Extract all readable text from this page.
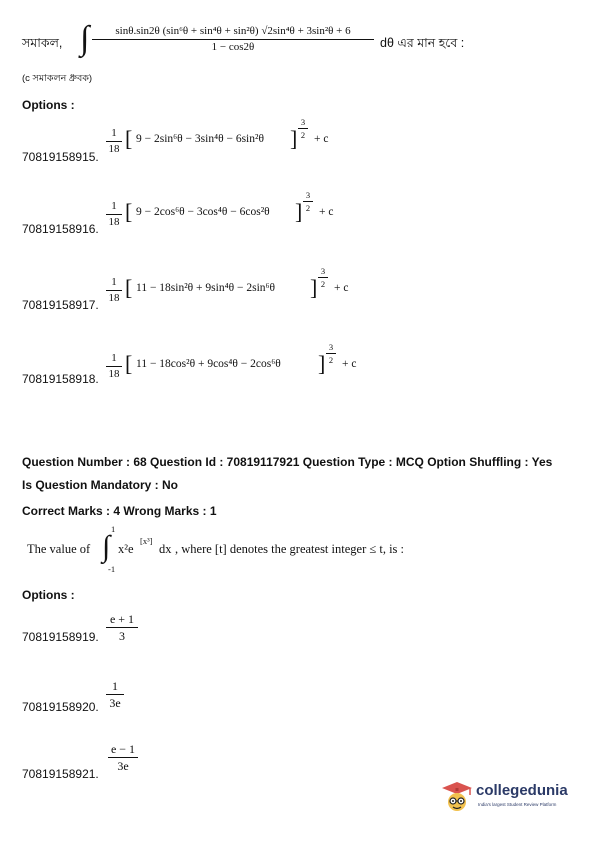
সমাকল, ∫ $\frac{\text{sinθ.sin2θ (sin⁶θ + sin⁴θ + sin²θ) √2sin⁴θ + 3sin²θ + 6}}{1 - \cos 2\theta}$ dθ এর মান হবে :
(c সমাকলন ধ্রুবক)
Options :
70819158915.
$\frac{1}{18}$ [ 9 − 2sin⁶θ − 3sin⁴θ − 6sin²θ ] $\frac{3}{2} + c$
70819158916. $\frac{1}{18}$ [ 9 − 2cos⁶θ − 3cos⁴θ − 6cos²θ ] $\frac{3}{2} + c$
70819158917. $\frac{1}{18}$ [ 11 − 18sin²θ + 9sin⁴θ − 2sin⁶θ ] $\frac{3}{2} + c$
70819158918. $\frac{1}{18}$ [ 11 − 18cos²θ + 9cos⁴θ − 2cos⁶θ ] $\frac{3}{2} + c$
Question Number : 68 Question Id : 70819117921 Question Type : MCQ Option Shuffling : Yes
Is Question Mandatory : No
Correct Marks : 4 Wrong Marks : 1
The value of
1
∫
-1
x²e
[x³]
dx , where [t] denotes the greatest integer ≤ t, is :
Options :
70819158919. $\frac{e + 1}{3}$
70819158920. $\frac{1}{3e}$
70819158921.
$\frac{e - 1}{3e}$
collegedunia
India's largest Student Review Platform
